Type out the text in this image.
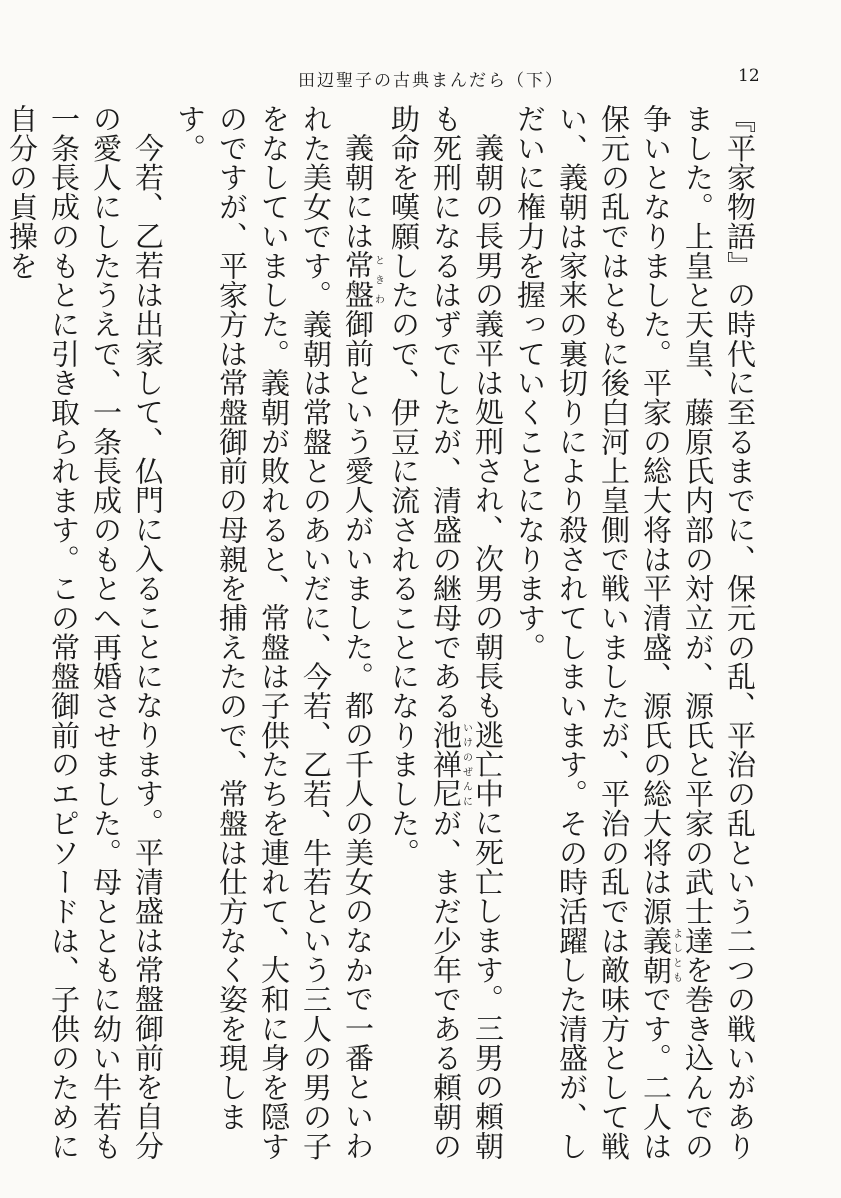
田辺聖子の古典まんだら（下）	12

『平家物語』の時代に至るまでに、保元の乱、平治の乱という二つの戦いがありました。上皇と天皇、藤原氏内部の対立が、源氏と平家の武士達を巻き込んでの争いとなりました。平家の総大将は平清盛、源氏の総大将は源義朝よしともです。二人は保元の乱ではともに後白河上皇側で戦いましたが、平治の乱では敵味方として戦い、義朝は家来の裏切りにより殺されてしまいます。その時活躍した清盛が、しだいに権力を握っていくことになります。

義朝の長男の義平は処刑され、次男の朝長も逃亡中に死亡します。三男の頼朝も死刑になるはずでしたが、清盛の継母である池禅尼いけのぜんにが、まだ少年である頼朝の助命を嘆願したので、伊豆に流されることになりました。

義朝には常盤ときわ御前という愛人がいました。都の千人の美女のなかで一番といわれた美女です。義朝は常盤とのあいだに、今若、乙若、牛若という三人の男の子をなしていました。義朝が敗れると、常盤は子供たちを連れて、大和に身を隠すのですが、平家方は常盤御前の母親を捕えたので、常盤は仕方なく姿を現します。

今若、乙若は出家して、仏門に入ることになります。平清盛は常盤御前を自分の愛人にしたうえで、一条長成のもとへ再婚させました。母とともに幼い牛若も一条長成のもとに引き取られます。この常盤御前のエピソードは、子供のために自分の貞操を
